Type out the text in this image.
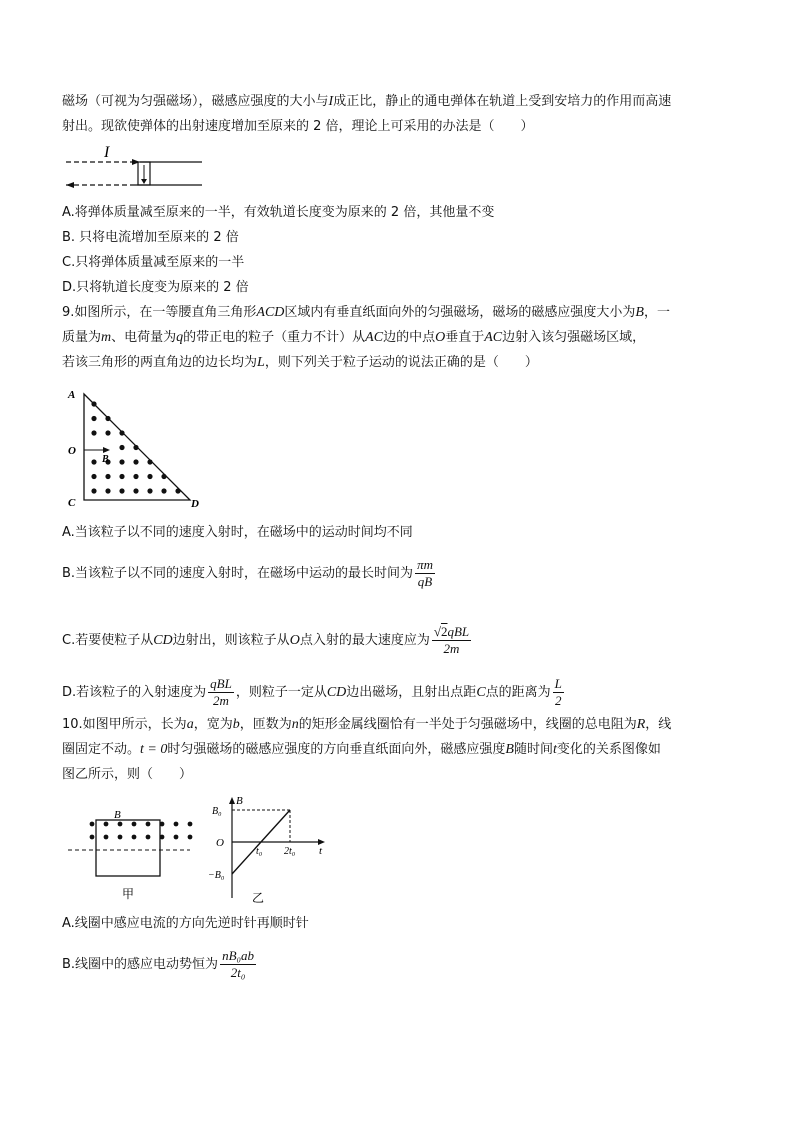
磁场（可视为匀强磁场），磁感应强度的大小与I成正比，静止的通电弹体在轨道上受到安培力的作用而高速
射出。现欲使弹体的出射速度增加至原来的 2 倍，理论上可采用的办法是（　　）
I
A.将弹体质量减至原来的一半，有效轨道长度变为原来的 2 倍，其他量不变
B. 只将电流增加至原来的 2 倍
C.只将弹体质量减至原来的一半
D.只将轨道长度变为原来的 2 倍
9.如图所示，在一等腰直角三角形ACD区域内有垂直纸面向外的匀强磁场，磁场的磁感应强度大小为B，一
质量为m、电荷量为q的带正电的粒子（重力不计）从AC边的中点O垂直于AC边射入该匀强磁场区域，
若该三角形的两直角边的边长均为L，则下列关于粒子运动的说法正确的是（　　）
A
O
B
C	D
A.当该粒子以不同的速度入射时，在磁场中的运动时间均不同
B.当该粒子以不同的速度入射时，在磁场中运动的最长时间为 $\frac{\pi m}{qB}$
C.若要使粒子从CD边射出，则该粒子从O点入射的最大速度应为 $\frac{\text{√2qBL}}{2m}$
D.若该粒子的入射速度为 $\frac{\text{qBL}}{2m}$ ，则粒子一定从CD边出磁场，且射出点距C点的距离为 $\frac{L}{2}$
10.如图甲所示，长为a，宽为b，匝数为n的矩形金属线圈恰有一半处于匀强磁场中，线圈的总电阻为R，线
圈固定不动。t = 0时匀强磁场的磁感应强度的方向垂直纸面向外，磁感应强度B随时间t变化的关系图像如
图乙所示，则（　　）
B
甲
B₀
B
O
t₀ 2t₀ t
−B₀
乙
A.线圈中感应电流的方向先逆时针再顺时针
B.线圈中的感应电动势恒为 $\frac{\text{nB₀ab}}{\text{2t₀}}$
